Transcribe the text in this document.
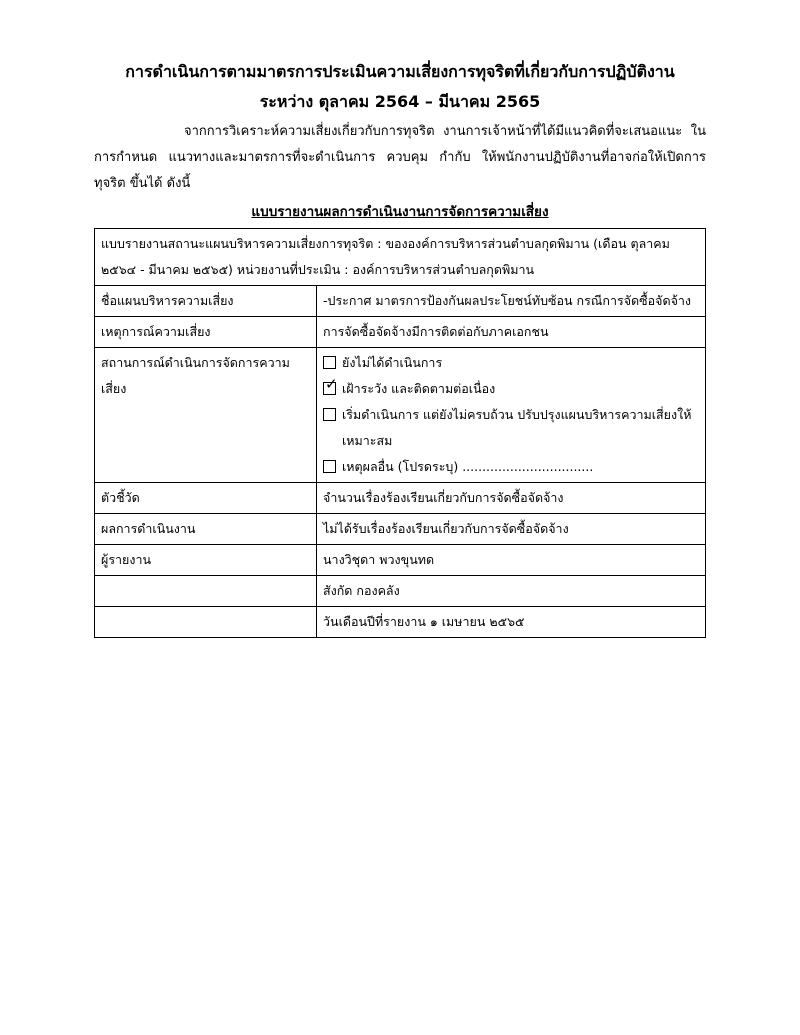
การดำเนินการตามมาตรการประเมินความเสี่ยงการทุจริตที่เกี่ยวกับการปฏิบัติงาน
ระหว่าง ตุลาคม 2564 – มีนาคม 2565
จากการวิเคราะห์ความเสี่ยงเกี่ยวกับการทุจริต งานการเจ้าหน้าที่ได้มีแนวคิดที่จะเสนอแนะ ในการกำหนด แนวทางและมาตรการที่จะดำเนินการ ควบคุม กำกับ ให้พนักงานปฏิบัติงานที่อาจก่อให้เปิดการทุจริต ขึ้นได้ ดังนี้
แบบรายงานผลการดำเนินงานการจัดการความเสี่ยง
แบบรายงานสถานะแผนบริหารความเสี่ยงการทุจริต : ขององค์การบริหารส่วนตำบลกุดพิมาน (เดือน ตุลาคม ๒๕๖๔ - มีนาคม ๒๕๖๕) หน่วยงานที่ประเมิน : องค์การบริหารส่วนตำบลกุดพิมาน	
ชื่อแผนบริหารความเสี่ยง	-ประกาศ มาตรการป้องกันผลประโยชน์ทับซ้อน กรณีการจัดซื้อจัดจ้าง
เหตุการณ์ความเสี่ยง	การจัดซื้อจัดจ้างมีการติดต่อกับภาคเอกชน
สถานการณ์ดำเนินการจัดการความเสี่ยง	ยังไม่ได้ดำเนินการ
✓ เฝ้าระวัง และติดตามต่อเนื่อง
เริ่มดำเนินการ แต่ยังไม่ครบถ้วน ปรับปรุงแผนบริหารความเสี่ยงให้เหมาะสม
เหตุผลอื่น (โปรดระบุ) .................................

ตัวชี้วัด	จำนวนเรื่องร้องเรียนเกี่ยวกับการจัดซื้อจัดจ้าง
ผลการดำเนินงาน	ไม่ได้รับเรื่องร้องเรียนเกี่ยวกับการจัดซื้อจัดจ้าง
ผู้รายงาน	นางวิชุดา พวงขุนทด
	สังกัด กองคลัง
	วันเดือนปีที่รายงาน ๑ เมษายน ๒๕๖๕
